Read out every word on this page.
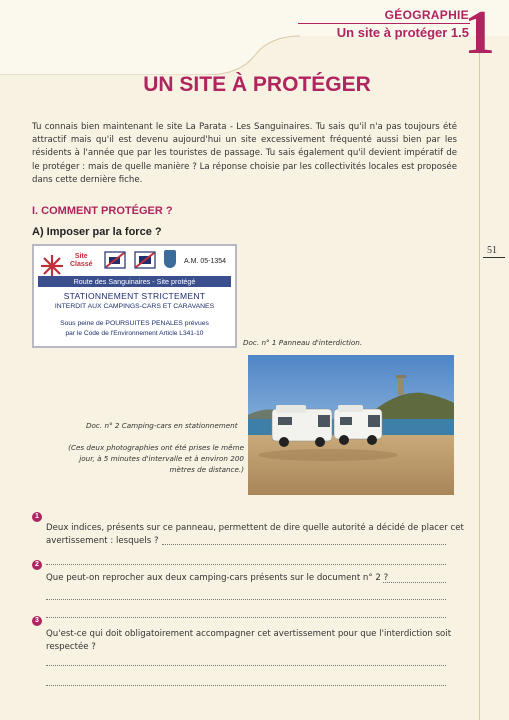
GÉOGRAPHIE
Un site à protéger 1.5
1
51
UN SITE À PROTÉGER
Tu connais bien maintenant le site La Parata - Les Sanguinaires. Tu sais qu'il n'a pas toujours été attractif mais qu'il est devenu aujourd'hui un site excessivement fréquenté aussi bien par les résidents à l'année que par les touristes de passage. Tu sais également qu'il devient impératif de le protéger : mais de quelle manière ? La réponse choisie par les collectivités locales est proposée dans cette dernière fiche.
I. COMMENT PROTÉGER ?
A) Imposer par la force ?
Site
Classé	A.M. 05-1354
Route des Sanguinaires - Site protégé
STATIONNEMENT STRICTEMENT
INTERDIT AUX CAMPINGS-CARS ET CARAVANES
Sous peine de POURSUITES PENALES prévues
par le Code de l'Environnement Article L341-10
Doc. n° 1 Panneau d'interdiction.
Doc. n° 2 Camping-cars en stationnement
(Ces deux photographies ont été prises le même jour, à 5 minutes d'intervalle et à environ 200 mètres de distance.)
1
Deux indices, présents sur ce panneau, permettent de dire quelle autorité a décidé de placer cet avertissement : lesquels ?
2
Que peut-on reprocher aux deux camping-cars présents sur le document n° 2 ?
3
Qu'est-ce qui doit obligatoirement accompagner cet avertissement pour que l'interdiction soit respectée ?
